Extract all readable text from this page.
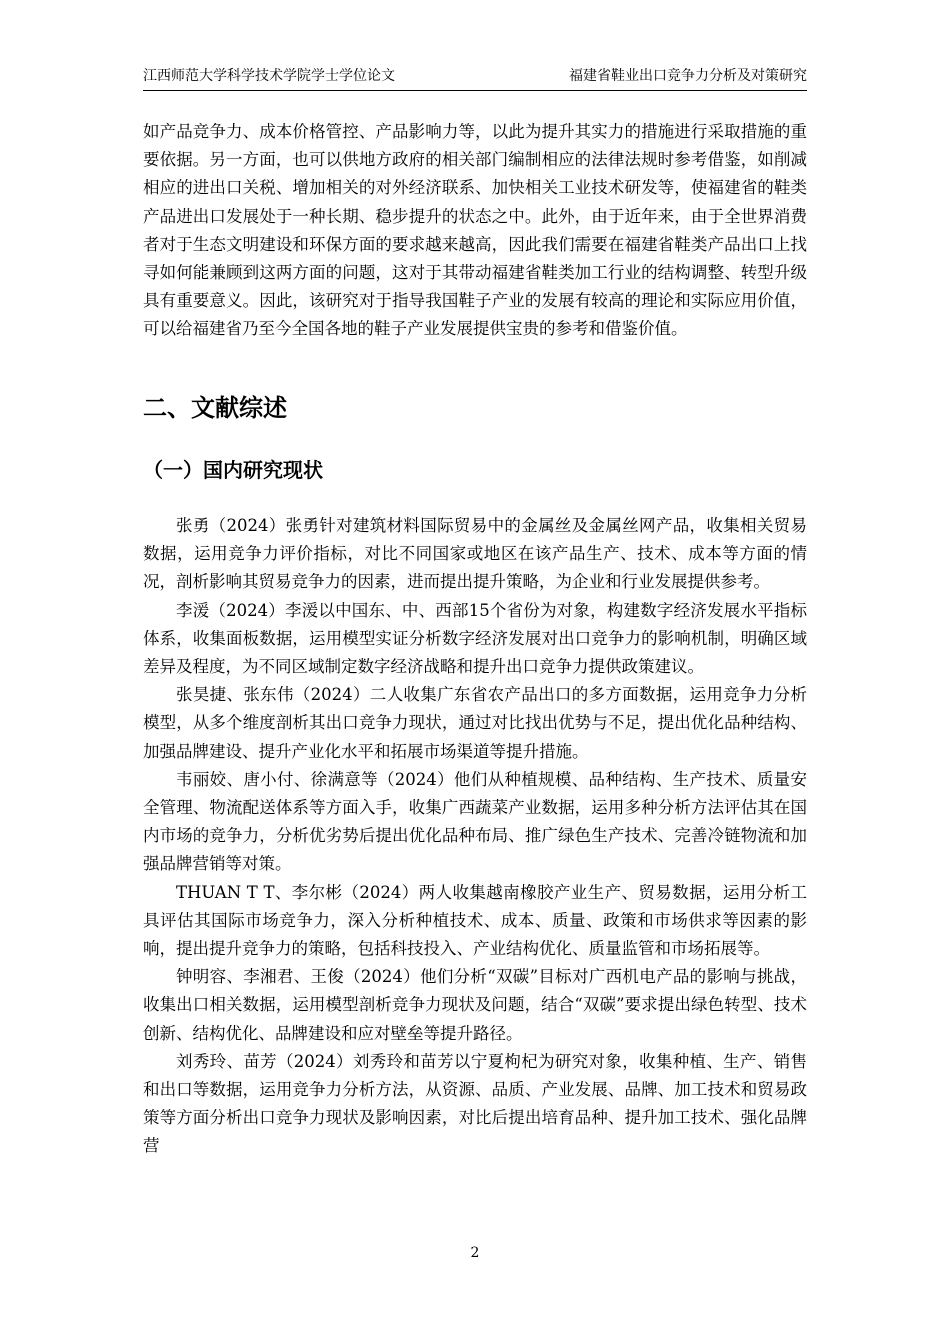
江西师范大学科学技术学院学士学位论文	福建省鞋业出口竞争力分析及对策研究

如产品竞争力、成本价格管控、产品影响力等，以此为提升其实力的措施进行采取措施的重要依据。另一方面，也可以供地方政府的相关部门编制相应的法律法规时参考借鉴，如削减相应的进出口关税、增加相关的对外经济联系、加快相关工业技术研发等，使福建省的鞋类产品进出口发展处于一种长期、稳步提升的状态之中。此外，由于近年来，由于全世界消费者对于生态文明建设和环保方面的要求越来越高，因此我们需要在福建省鞋类产品出口上找寻如何能兼顾到这两方面的问题，这对于其带动福建省鞋类加工行业的结构调整、转型升级具有重要意义。因此，该研究对于指导我国鞋子产业的发展有较高的理论和实际应用价值，可以给福建省乃至今全国各地的鞋子产业发展提供宝贵的参考和借鉴价值。

二、文献综述
（一）国内研究现状

张勇（2024）张勇针对建筑材料国际贸易中的金属丝及金属丝网产品，收集相关贸易数据，运用竞争力评价指标，对比不同国家或地区在该产品生产、技术、成本等方面的情况，剖析影响其贸易竞争力的因素，进而提出提升策略，为企业和行业发展提供参考。

李湲（2024）李湲以中国东、中、西部15个省份为对象，构建数字经济发展水平指标体系，收集面板数据，运用模型实证分析数字经济发展对出口竞争力的影响机制，明确区域差异及程度，为不同区域制定数字经济战略和提升出口竞争力提供政策建议。

张昊捷、张东伟（2024）二人收集广东省农产品出口的多方面数据，运用竞争力分析模型，从多个维度剖析其出口竞争力现状，通过对比找出优势与不足，提出优化品种结构、加强品牌建设、提升产业化水平和拓展市场渠道等提升措施。

韦丽姣、唐小付、徐满意等（2024）他们从种植规模、品种结构、生产技术、质量安全管理、物流配送体系等方面入手，收集广西蔬菜产业数据，运用多种分析方法评估其在国内市场的竞争力，分析优劣势后提出优化品种布局、推广绿色生产技术、完善冷链物流和加强品牌营销等对策。

THUAN T T、李尔彬（2024）两人收集越南橡胶产业生产、贸易数据，运用分析工具评估其国际市场竞争力，深入分析种植技术、成本、质量、政策和市场供求等因素的影响，提出提升竞争力的策略，包括科技投入、产业结构优化、质量监管和市场拓展等。

钟明容、李湘君、王俊（2024）他们分析“双碳”目标对广西机电产品的影响与挑战，收集出口相关数据，运用模型剖析竞争力现状及问题，结合“双碳”要求提出绿色转型、技术创新、结构优化、品牌建设和应对壁垒等提升路径。

刘秀玲、苗芳（2024）刘秀玲和苗芳以宁夏枸杞为研究对象，收集种植、生产、销售和出口等数据，运用竞争力分析方法，从资源、品质、产业发展、品牌、加工技术和贸易政策等方面分析出口竞争力现状及影响因素，对比后提出培育品种、提升加工技术、强化品牌营

2
